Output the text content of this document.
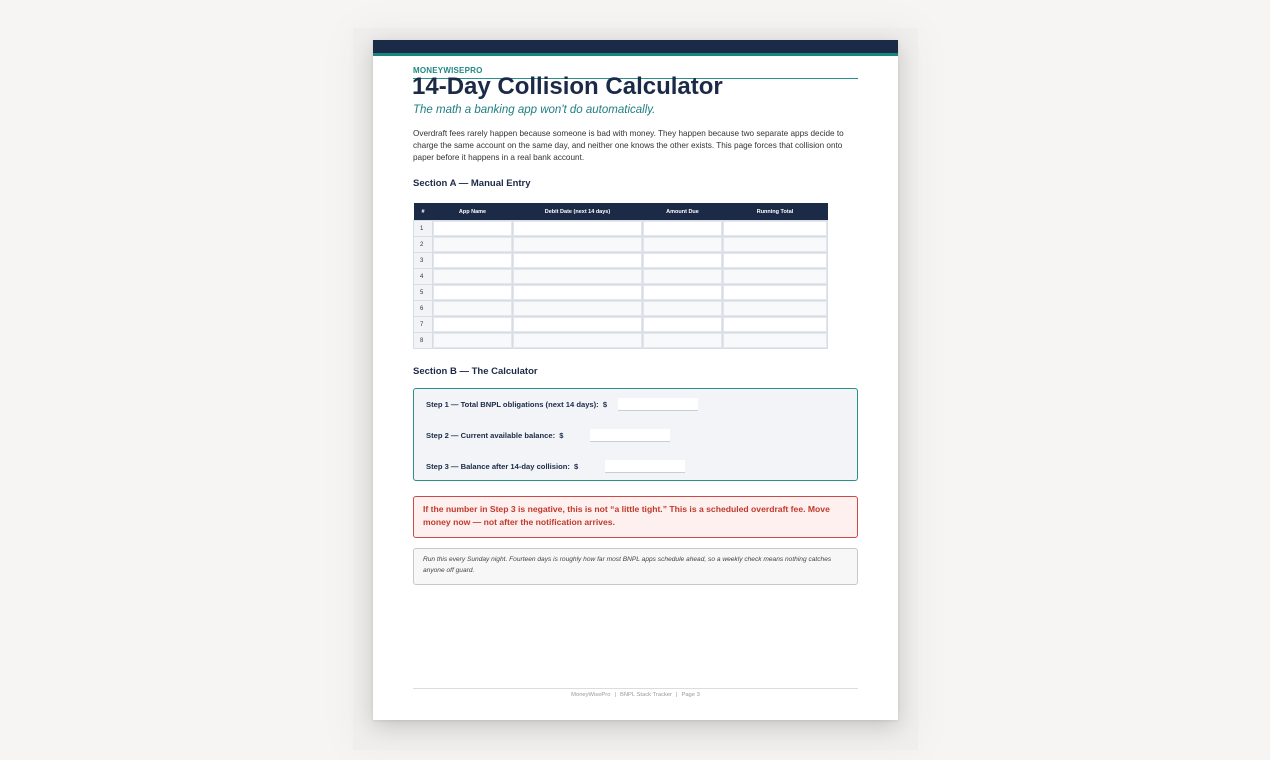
MONEYWISEPRO
14-Day Collision Calculator
The math a banking app won't do automatically.
Overdraft fees rarely happen because someone is bad with money. They happen because two separate apps decide to charge the same account on the same day, and neither one knows the other exists. This page forces that collision onto paper before it happens in a real bank account.
Section A — Manual Entry
#	App Name	Debit Date (next 14 days)	Amount Due	Running Total
1				
2				
3				
4				
5				
6				
7				
8				
Section B — The Calculator
Step 1 — Total BNPL obligations (next 14 days): $
Step 2 — Current available balance: $
Step 3 — Balance after 14-day collision: $
If the number in Step 3 is negative, this is not “a little tight.” This is a scheduled overdraft fee. Move money now — not after the notification arrives.
Run this every Sunday night. Fourteen days is roughly how far most BNPL apps schedule ahead, so a weekly check means nothing catches anyone off guard.
MoneyWisePro | BNPL Stack Tracker | Page 3
